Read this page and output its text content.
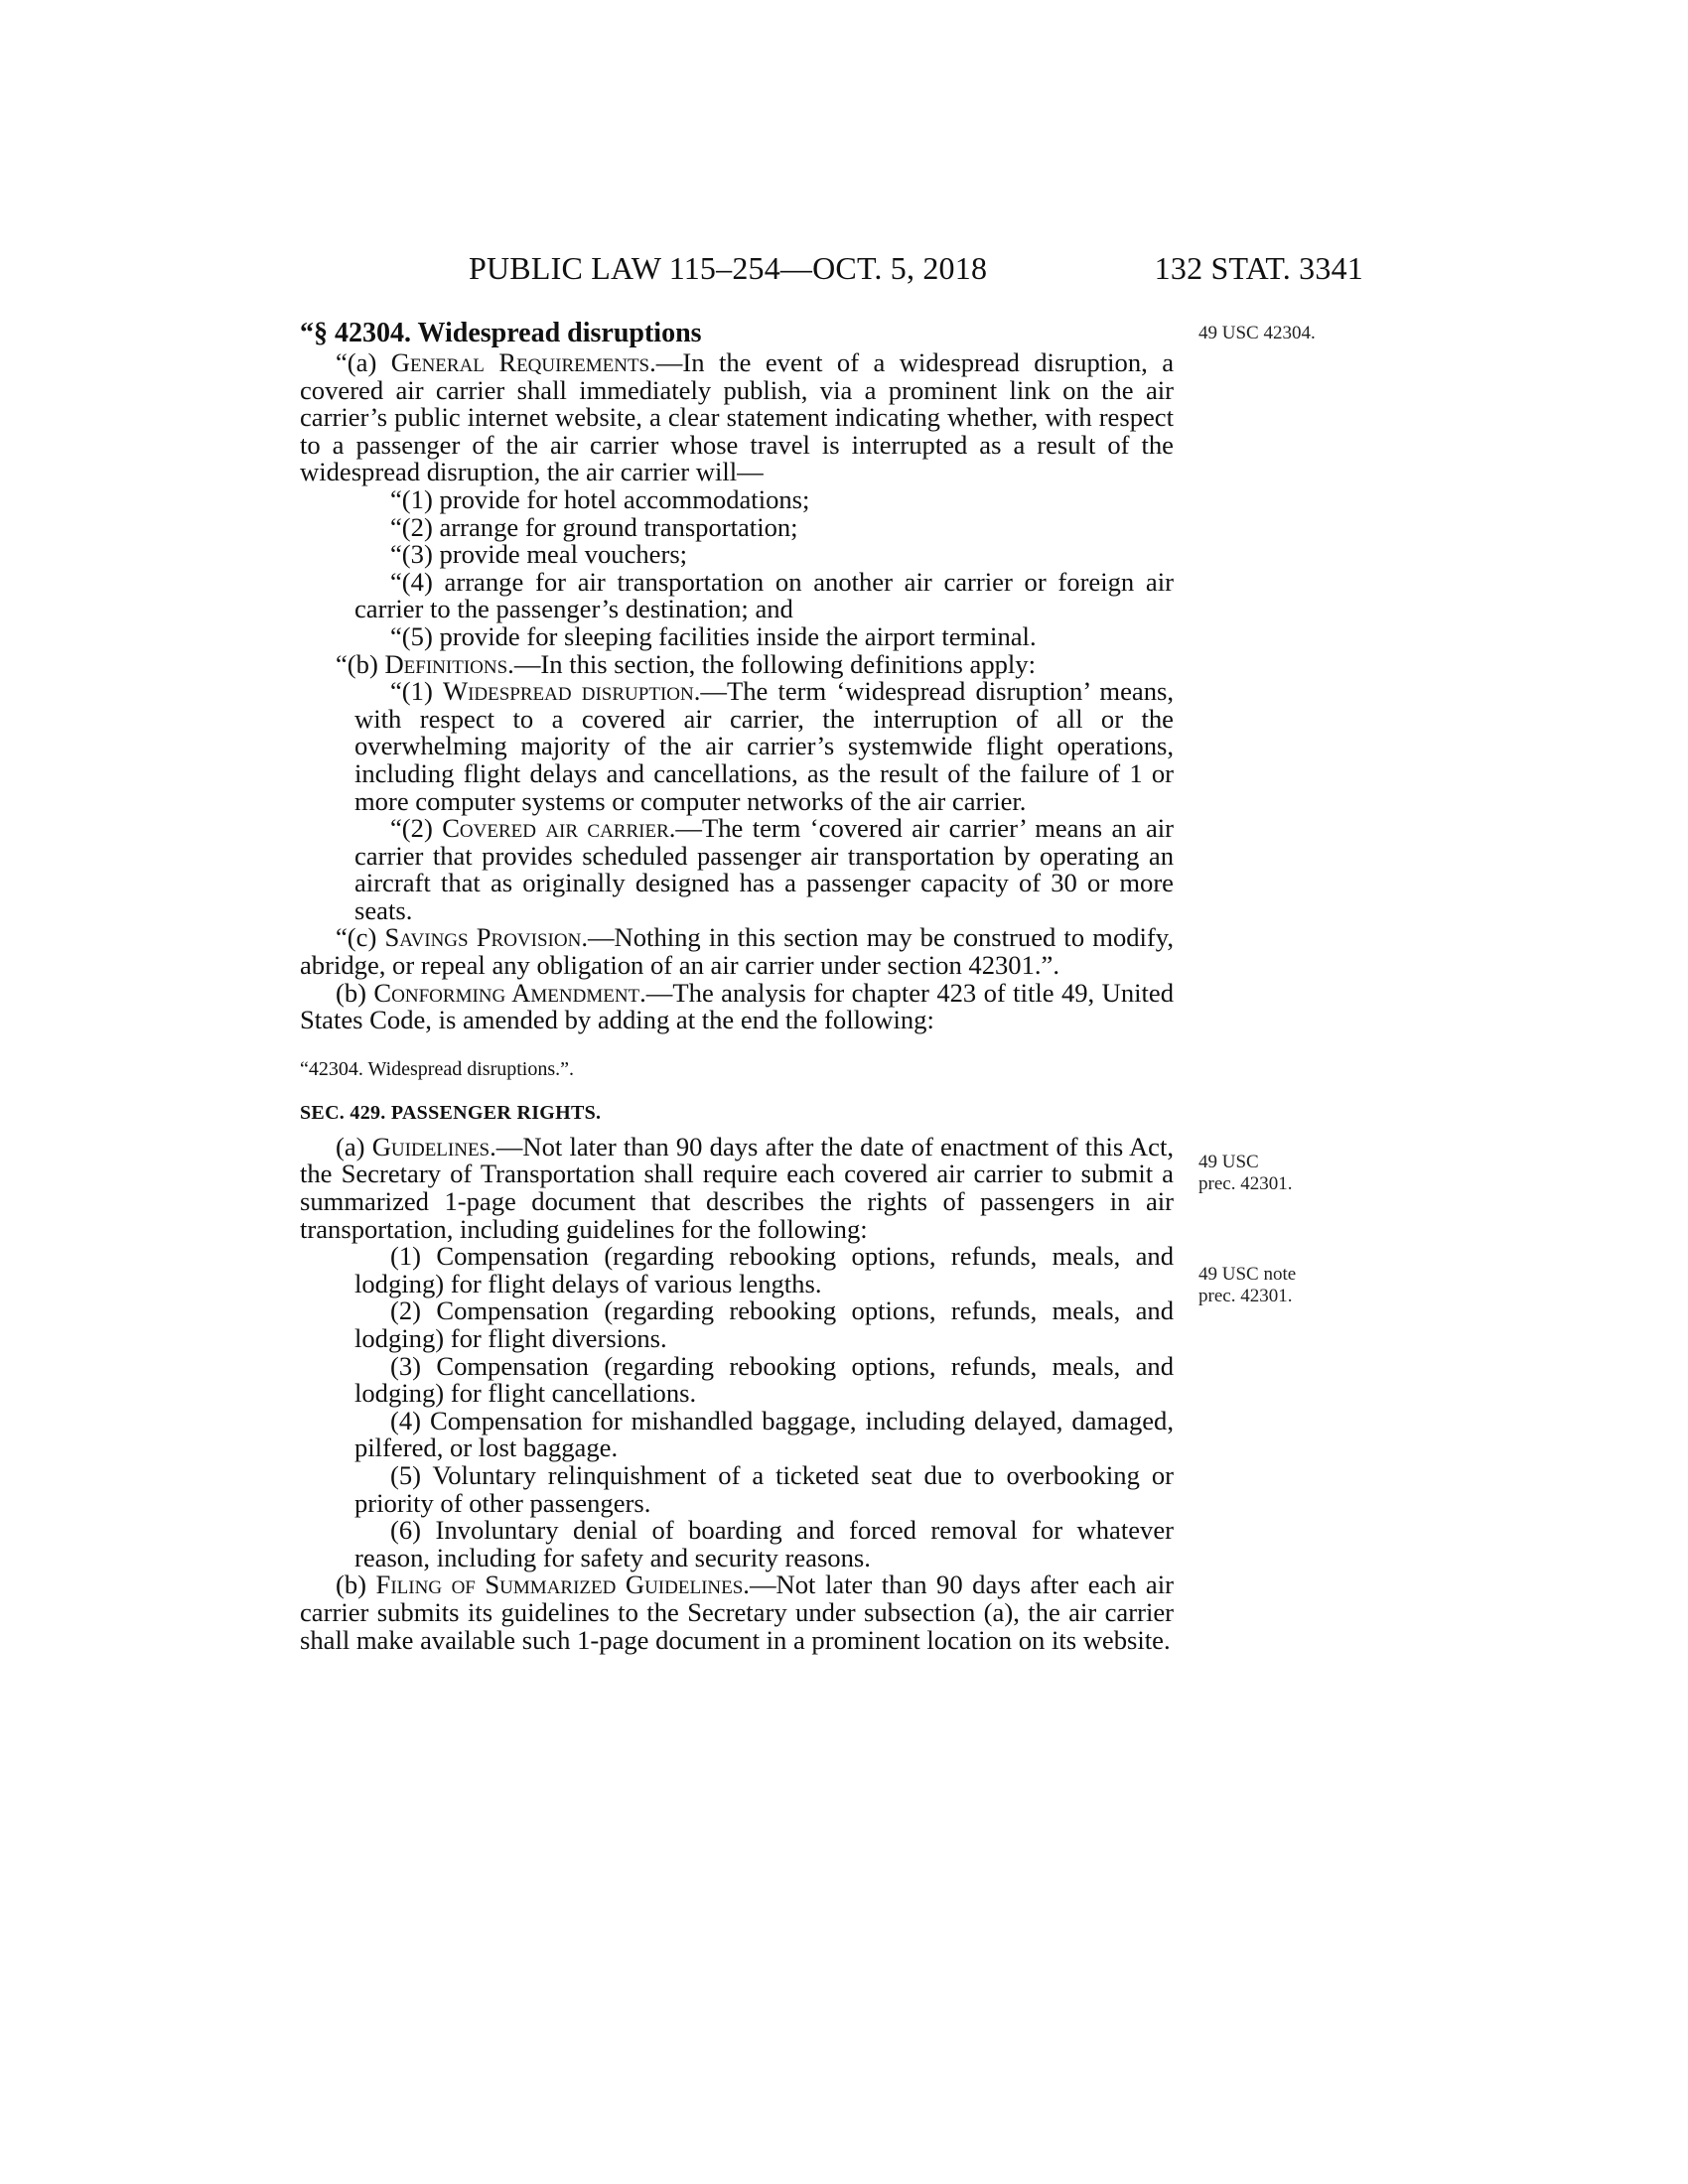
PUBLIC LAW 115–254—OCT. 5, 2018	132 STAT. 3341
49 USC 42304.
49 USC
prec. 42301.
49 USC note
prec. 42301.

“§ 42304. Widespread disruptions

“(a) General Requirements.—In the event of a widespread disruption, a covered air carrier shall immediately publish, via a prominent link on the air carrier’s public internet website, a clear statement indicating whether, with respect to a passenger of the air carrier whose travel is interrupted as a result of the widespread disruption, the air carrier will—

“(1) provide for hotel accommodations;

“(2) arrange for ground transportation;

“(3) provide meal vouchers;

“(4) arrange for air transportation on another air carrier or foreign air carrier to the passenger’s destination; and

“(5) provide for sleeping facilities inside the airport terminal.

“(b) Definitions.—In this section, the following definitions apply:

“(1) Widespread disruption.—The term ‘widespread disruption’ means, with respect to a covered air carrier, the interruption of all or the overwhelming majority of the air carrier’s systemwide flight operations, including flight delays and cancellations, as the result of the failure of 1 or more computer systems or computer networks of the air carrier.

“(2) Covered air carrier.—The term ‘covered air carrier’ means an air carrier that provides scheduled passenger air transportation by operating an aircraft that as originally designed has a passenger capacity of 30 or more seats.

“(c) Savings Provision.—Nothing in this section may be construed to modify, abridge, or repeal any obligation of an air carrier under section 42301.”.

(b) Conforming Amendment.—The analysis for chapter 423 of title 49, United States Code, is amended by adding at the end the following:

“42304. Widespread disruptions.”.

SEC. 429. PASSENGER RIGHTS.

(a) Guidelines.—Not later than 90 days after the date of enactment of this Act, the Secretary of Transportation shall require each covered air carrier to submit a summarized 1-page document that describes the rights of passengers in air transportation, including guidelines for the following:

(1) Compensation (regarding rebooking options, refunds, meals, and lodging) for flight delays of various lengths.

(2) Compensation (regarding rebooking options, refunds, meals, and lodging) for flight diversions.

(3) Compensation (regarding rebooking options, refunds, meals, and lodging) for flight cancellations.

(4) Compensation for mishandled baggage, including delayed, damaged, pilfered, or lost baggage.

(5) Voluntary relinquishment of a ticketed seat due to overbooking or priority of other passengers.

(6) Involuntary denial of boarding and forced removal for whatever reason, including for safety and security reasons.

(b) Filing of Summarized Guidelines.—Not later than 90 days after each air carrier submits its guidelines to the Secretary under subsection (a), the air carrier shall make available such 1-page document in a prominent location on its website.
